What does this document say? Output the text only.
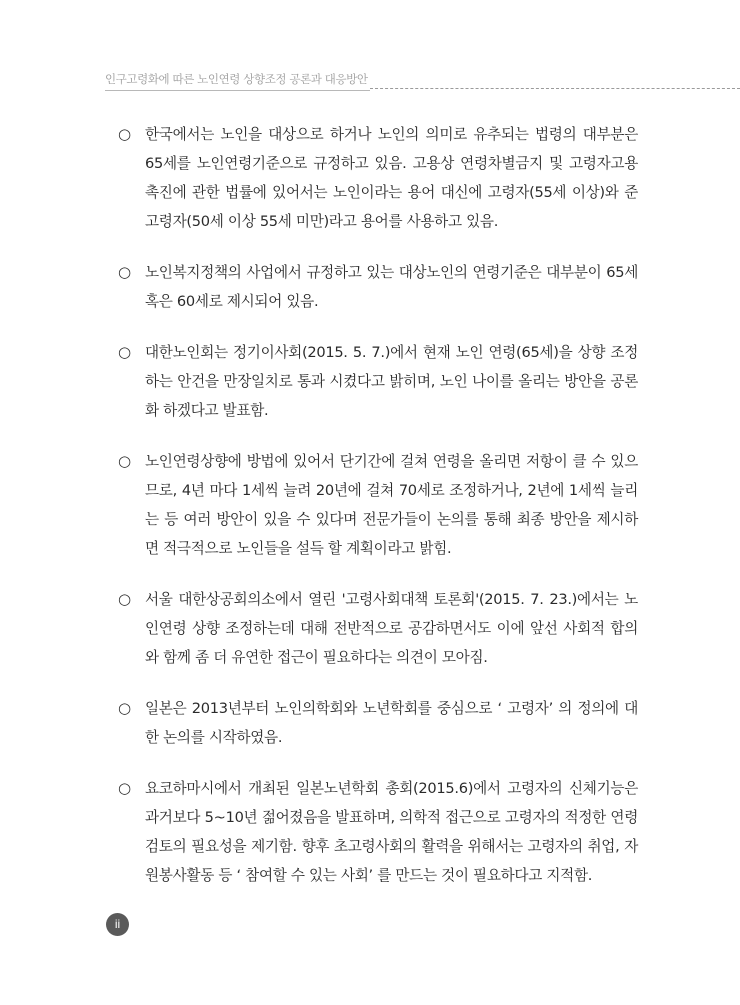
인구고령화에 따른 노인연령 상향조정 공론과 대응방안
○ 한국에서는 노인을 대상으로 하거나 노인의 의미로 유추되는 법령의 대부분은 65세를 노인연령기준으로 규정하고 있음. 고용상 연령차별금지 및 고령자고용촉진에 관한 법률에 있어서는 노인이라는 용어 대신에 고령자(55세 이상)와 준고령자(50세 이상 55세 미만)라고 용어를 사용하고 있음.
○ 노인복지정책의 사업에서 규정하고 있는 대상노인의 연령기준은 대부분이 65세 혹은 60세로 제시되어 있음.
○ 대한노인회는 정기이사회(2015. 5. 7.)에서 현재 노인 연령(65세)을 상향 조정하는 안건을 만장일치로 통과 시켰다고 밝히며, 노인 나이를 올리는 방안을 공론화 하겠다고 발표함.
○ 노인연령상향에 방법에 있어서 단기간에 걸쳐 연령을 올리면 저항이 클 수 있으므로, 4년 마다 1세씩 늘려 20년에 걸쳐 70세로 조정하거나, 2년에 1세씩 늘리는 등 여러 방안이 있을 수 있다며 전문가들이 논의를 통해 최종 방안을 제시하면 적극적으로 노인들을 설득 할 계획이라고 밝힘.
○ 서울 대한상공회의소에서 열린 '고령사회대책 토론회'(2015. 7. 23.)에서는 노인연령 상향 조정하는데 대해 전반적으로 공감하면서도 이에 앞선 사회적 합의와 함께 좀 더 유연한 접근이 필요하다는 의견이 모아짐.
○ 일본은 2013년부터 노인의학회와 노년학회를 중심으로 ‘ 고령자’ 의 정의에 대한 논의를 시작하였음.
○ 요코하마시에서 개최된 일본노년학회 총회(2015.6)에서 고령자의 신체기능은 과거보다 5~10년 젊어졌음을 발표하며, 의학적 접근으로 고령자의 적정한 연령 검토의 필요성을 제기함. 향후 초고령사회의 활력을 위해서는 고령자의 취업, 자원봉사활동 등 ‘ 참여할 수 있는 사회’ 를 만드는 것이 필요하다고 지적함.
ii
